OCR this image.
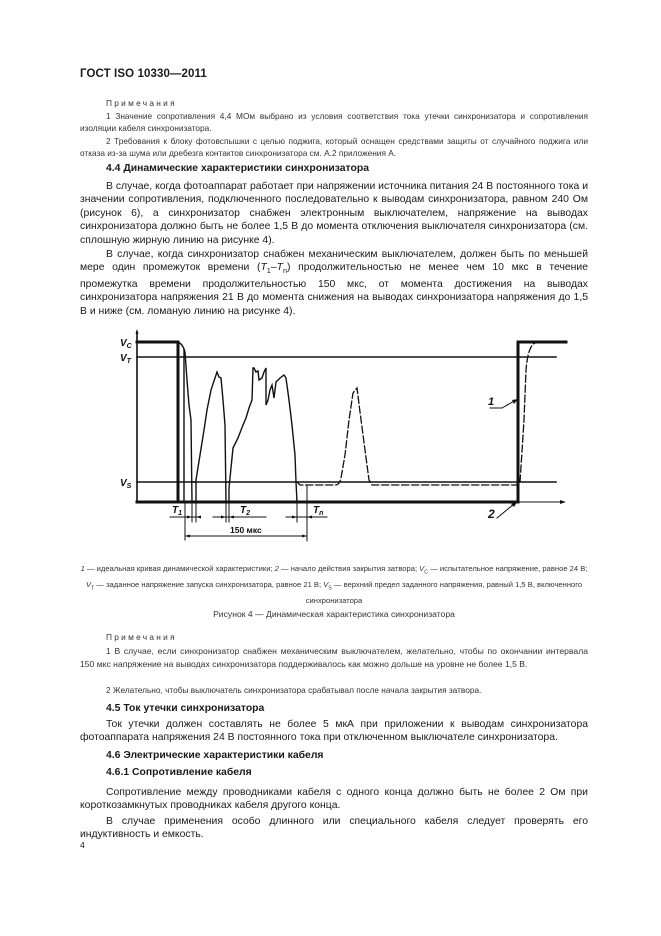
ГОСТ ISO 10330—2011
Примечания
1 Значение сопротивления 4,4 МОм выбрано из условия соответствия тока утечки синхронизатора и сопротивления изоляции кабеля синхронизатора.
2 Требования к блоку фотовспышки с целью поджига, который оснащен средствами защиты от случайного поджига или отказа из-за шума или дребезга контактов синхронизатора см. А.2 приложения А.
4.4 Динамические характеристики синхронизатора
В случае, когда фотоаппарат работает при напряжении источника питания 24 В постоянного тока и значении сопротивления, подключенного последовательно к выводам синхронизатора, равном 240 Ом (рисунок 6), а синхронизатор снабжен электронным выключателем, напряжение на выводах синхронизатора должно быть не более 1,5 В до момента отключения выключателя синхронизатора (см. сплошную жирную линию на рисунке 4).
В случае, когда синхронизатор снабжен механическим выключателем, должен быть по меньшей мере один промежуток времени $(T_1-T_n)$ продолжительностью не менее чем 10 мкс в течение промежутка времени продолжительностью 150 мкс, от момента достижения на выводах синхронизатора напряжения 21 В до момента снижения на выводах синхронизатора напряжения до 1,5 В и ниже (см. ломаную линию на рисунке 4).
$V_C$
$V_T$
$V_S$
$T_1$	$T_2$	$T_n$
1
2
150 мкс
1 — идеальная кривая динамической характеристики; 2 — начало действия закрытия затвора; $V_C$ — испытательное напряжение, равное 24 В; $V_T$ — заданное напряжение запуска синхронизатора, равное 21 В; $V_S$ — верхний предел заданного напряжения, равный 1,5 В, включенного синхронизатора
Рисунок 4 — Динамическая характеристика синхронизатора
Примечания
1 В случае, если синхронизатор снабжен механическим выключателем, желательно, чтобы по окончании интервала 150 мкс напряжение на выводах синхронизатора поддерживалось как можно дольше на уровне не более 1,5 В.
2 Желательно, чтобы выключатель синхронизатора срабатывал после начала закрытия затвора.
4.5 Ток утечки синхронизатора
Ток утечки должен составлять не более 5 мкА при приложении к выводам синхронизатора фотоаппарата напряжения 24 В постоянного тока при отключенном выключателе синхронизатора.
4.6 Электрические характеристики кабеля
4.6.1 Сопротивление кабеля
Сопротивление между проводниками кабеля с одного конца должно быть не более 2 Ом при короткозамкнутых проводниках кабеля другого конца.
В случае применения особо длинного или специального кабеля следует проверять его индуктивность и емкость.
4
